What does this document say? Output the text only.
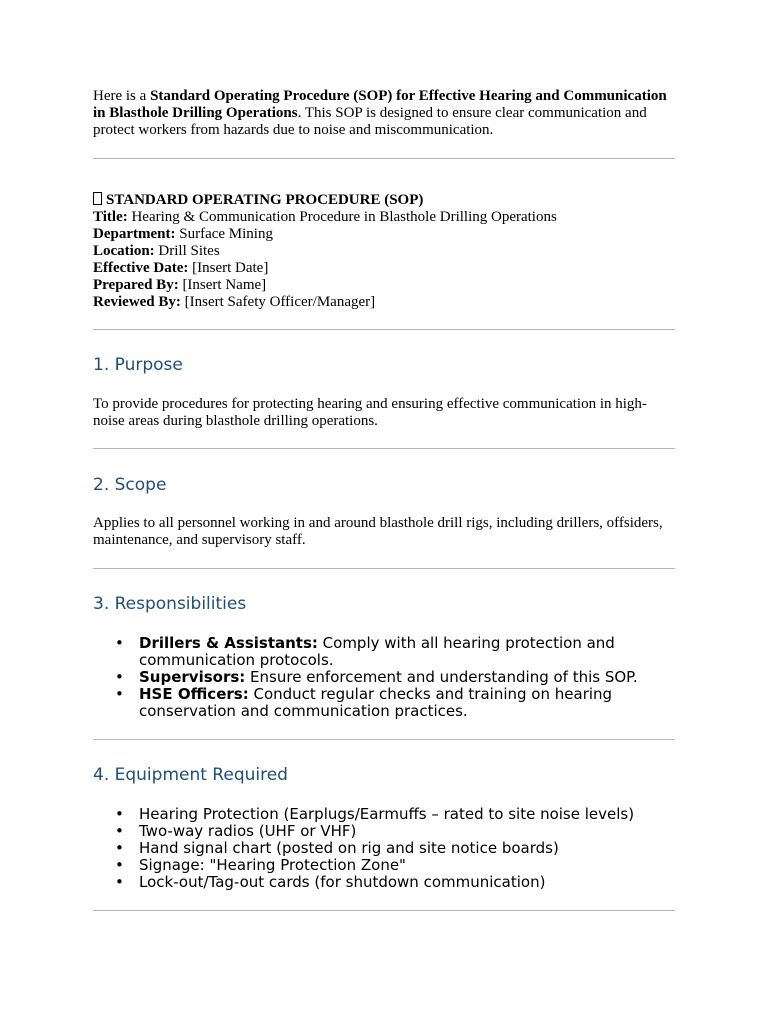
Here is a Standard Operating Procedure (SOP) for Effective Hearing and Communication in Blasthole Drilling Operations. This SOP is designed to ensure clear communication and protect workers from hazards due to noise and miscommunication.

STANDARD OPERATING PROCEDURE (SOP)
Title: Hearing & Communication Procedure in Blasthole Drilling Operations
Department: Surface Mining
Location: Drill Sites
Effective Date: [Insert Date]
Prepared By: [Insert Name]
Reviewed By: [Insert Safety Officer/Manager]
1. Purpose

To provide procedures for protecting hearing and ensuring effective communication in high-noise areas during blasthole drilling operations.

2. Scope

Applies to all personnel working in and around blasthole drill rigs, including drillers, offsiders, maintenance, and supervisory staff.

3. Responsibilities
• Drillers & Assistants: Comply with all hearing protection and communication protocols.
• Supervisors: Ensure enforcement and understanding of this SOP.
• HSE Officers: Conduct regular checks and training on hearing conservation and communication practices.
4. Equipment Required
• Hearing Protection (Earplugs/Earmuffs – rated to site noise levels)
• Two-way radios (UHF or VHF)
• Hand signal chart (posted on rig and site notice boards)
• Signage: "Hearing Protection Zone"
• Lock-out/Tag-out cards (for shutdown communication)
